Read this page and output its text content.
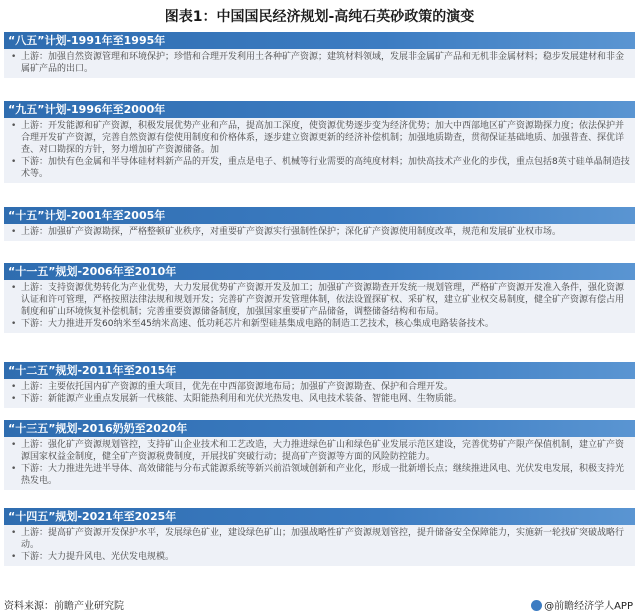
图表1：中国国民经济规划-高纯石英砂政策的演变
“八五”计划-1991年至1995年
• 上游：加强自然资源管理和环境保护；珍惜和合理开发利用土各种矿产资源；建筑材料领域，发展非金属矿产品和无机非金属材料；稳步发展建材和非金属矿产品的出口。
“九五”计划-1996年至2000年
• 上游：开发能源和矿产资源，积极发展优势产业和产品，提高加工深度，使资源优势逐步变为经济优势；加大中西部地区矿产资源勘探力度；依法保护并合理开发矿产资源，完善自然资源有偿使用制度和价格体系，逐步建立资源更新的经济补偿机制；加强地质勘查，贯彻保证基础地质、加强普查、探优详查、对口勘探的方针，努力增加矿产资源储备。加
• 下游：加快有色金属和半导体硅材料新产品的开发，重点是电子、机械等行业需要的高纯度材料；加快高技术产业化的步伐，重点包括8英寸硅单晶制造技术等。
“十五”计划-2001年至2005年
• 上游：加强矿产资源勘探，严格整顿矿业秩序，对重要矿产资源实行强制性保护；深化矿产资源使用制度改革，规范和发展矿业权市场。
“十一五”规划-2006年至2010年
• 上游：支持资源优势转化为产业优势，大力发展优势矿产资源开发及加工；加强矿产资源勘查开发统一规划管理，严格矿产资源开发准入条件，强化资源认证和许可管理，严格按照法律法规和规划开发；完善矿产资源开发管理体制，依法设置探矿权、采矿权，建立矿业权交易制度，健全矿产资源有偿占用制度和矿山环境恢复补偿机制；完善重要资源储备制度，加强国家重要矿产品储备，调整储备结构和布局。
• 下游：大力推进开发60纳米至45纳米高速、低功耗芯片和新型硅基集成电路的制造工艺技术，核心集成电路装备技术。
“十二五”规划-2011年至2015年
• 上游：主要依托国内矿产资源的重大项目，优先在中西部资源地布局；加强矿产资源勘查、保护和合理开发。
• 下游：新能源产业重点发展新一代核能、太阳能热利用和光伏光热发电、风电技术装备、智能电网、生物质能。
“十三五”规划-2016奶奶至2020年
• 上游：强化矿产资源规划管控，支持矿山企业技术和工艺改造，大力推进绿色矿山和绿色矿业发展示范区建设，完善优势矿产限产保值机制，建立矿产资源国家权益金制度，健全矿产资源税费制度，开展找矿突破行动；提高矿产资源等方面的风险防控能力。
• 下游：大力推进先进半导体、高效储能与分布式能源系统等新兴前沿领域创新和产业化，形成一批新增长点；继续推进风电、光伏发电发展，积极支持光热发电。
“十四五”规划-2021年至2025年
• 上游：提高矿产资源开发保护水平，发展绿色矿业，建设绿色矿山；加强战略性矿产资源规划管控，提升储备安全保障能力，实施新一轮找矿突破战略行动。
• 下游：大力提升风电、光伏发电规模。
资料来源：前瞻产业研究院	@前瞻经济学人APP
